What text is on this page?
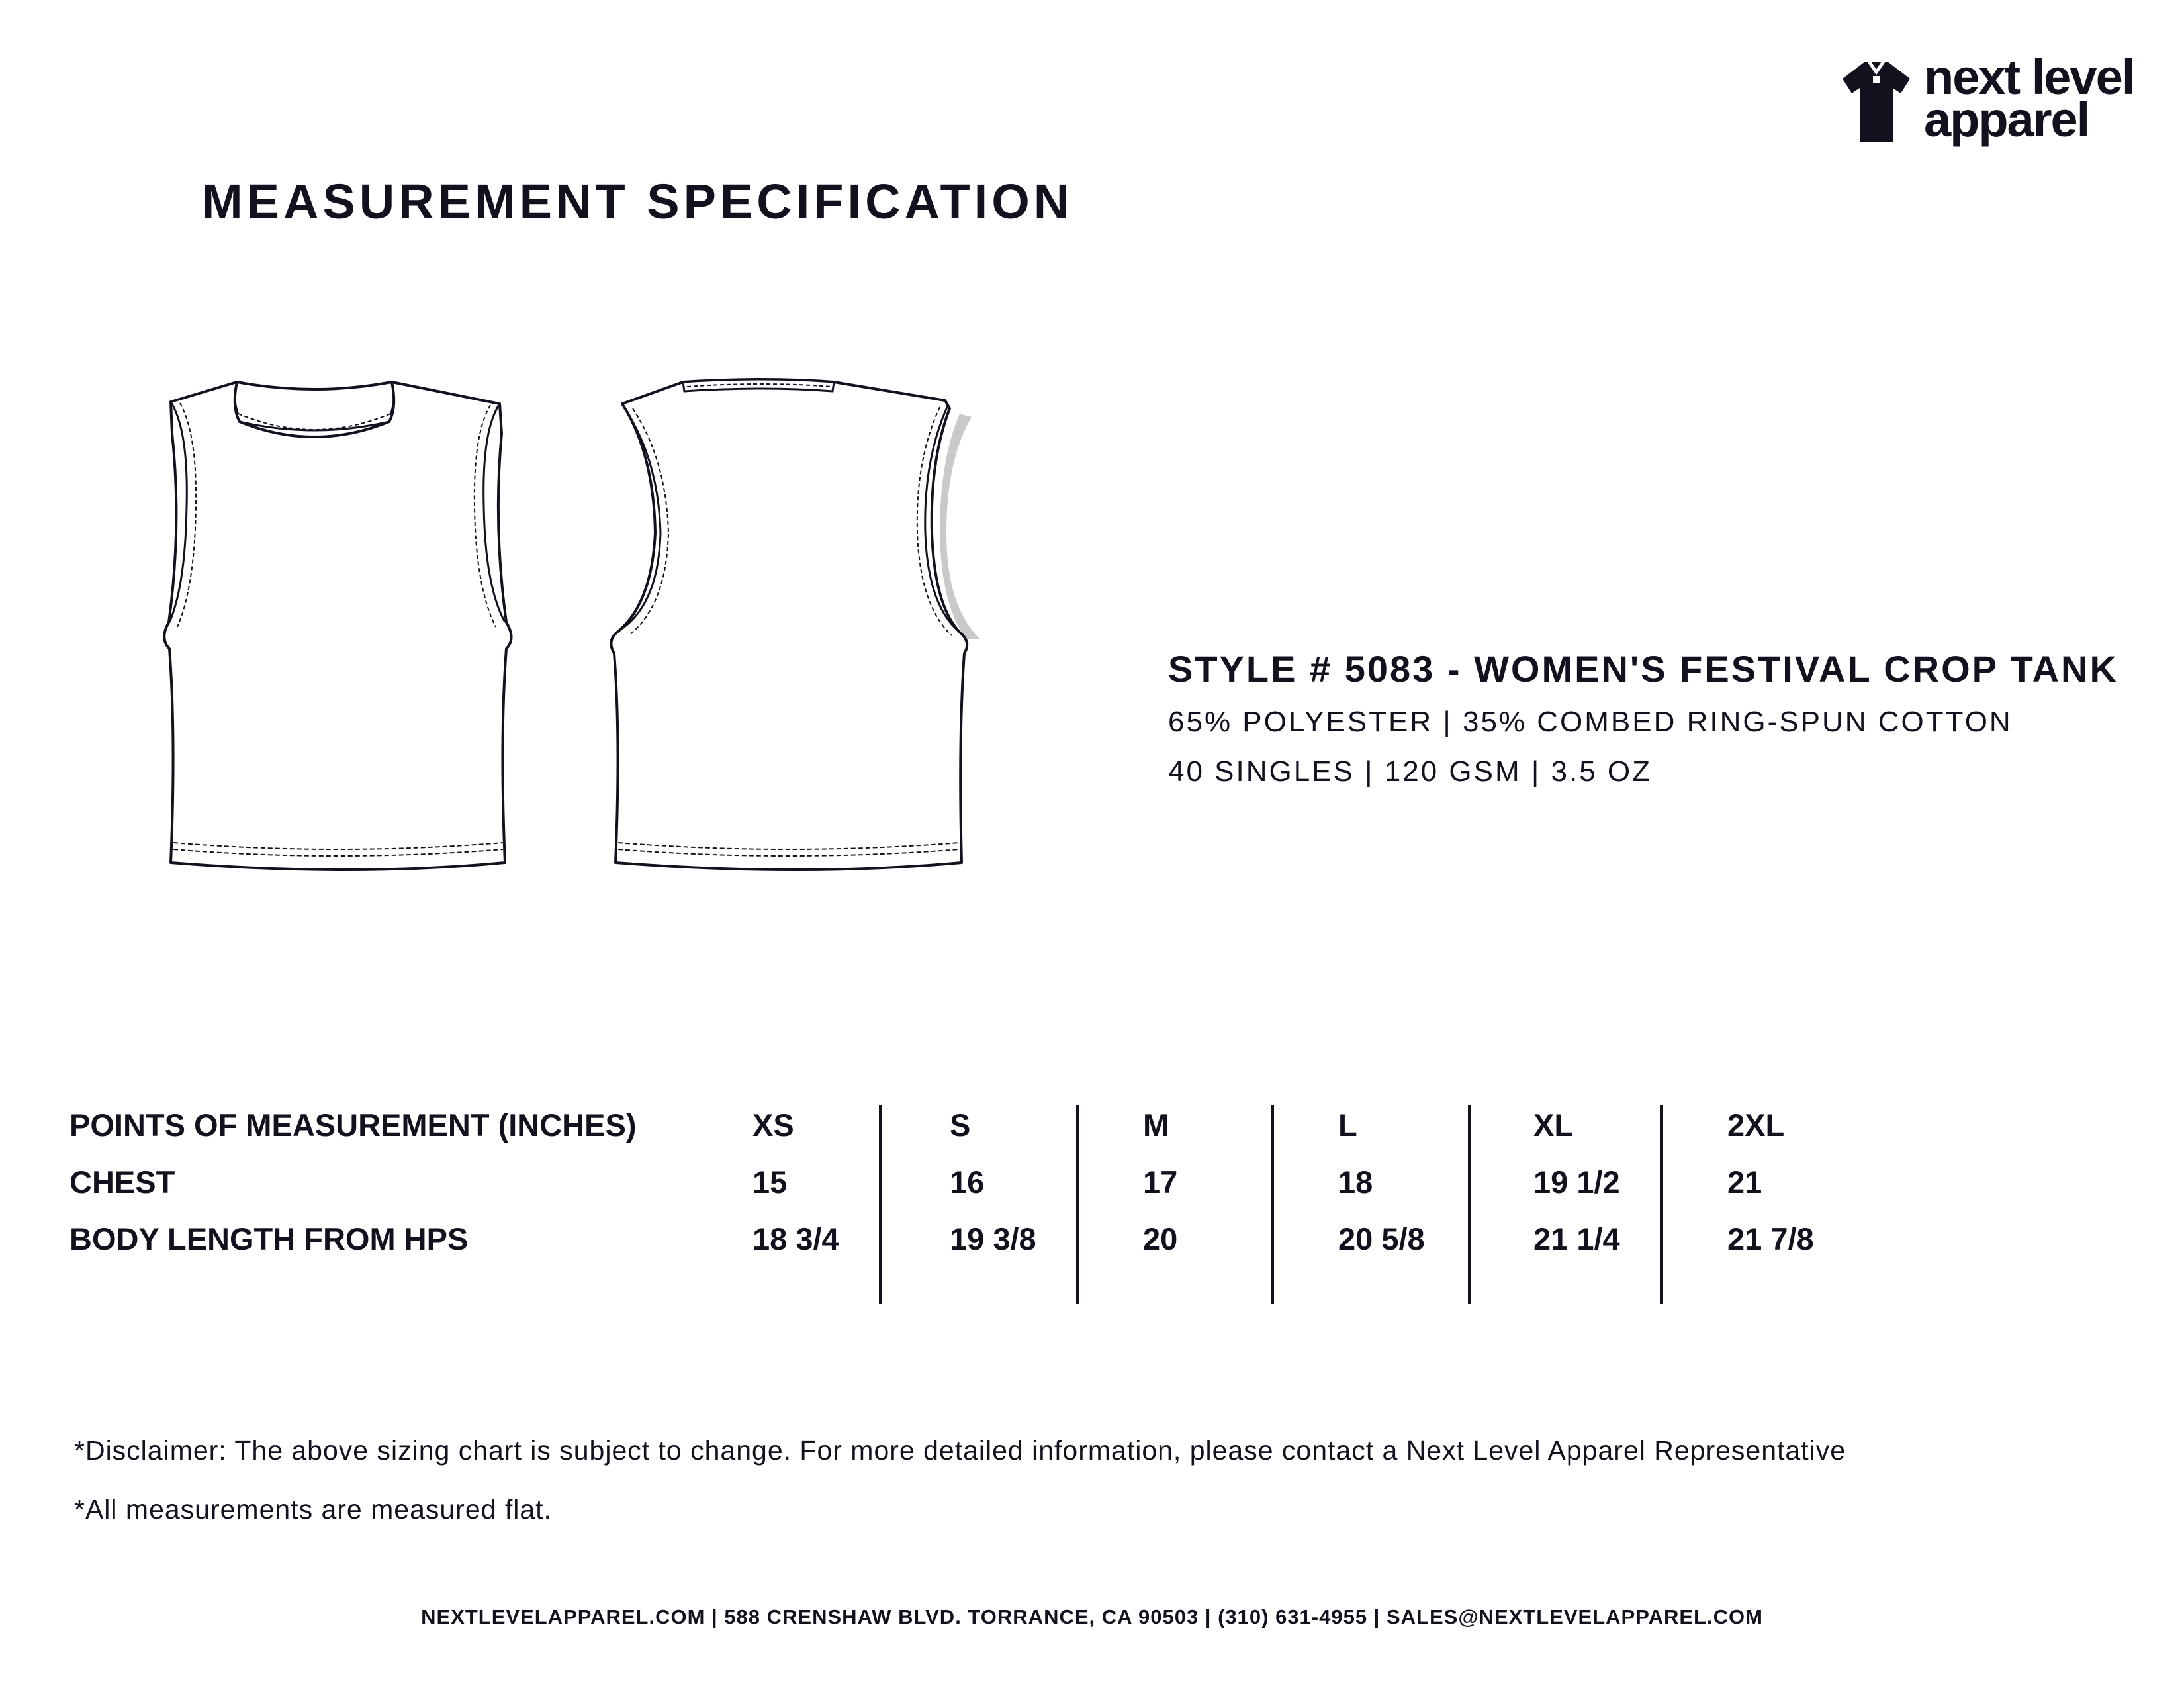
next level
apparel
MEASUREMENT SPECIFICATION
STYLE # 5083 - WOMEN'S FESTIVAL CROP TANK
65% POLYESTER | 35% COMBED RING-SPUN COTTON
40 SINGLES | 120 GSM | 3.5 OZ
POINTS OF MEASUREMENT (INCHES)	XS	S	M	L	XL	2XL
CHEST	15	16	17	18	19 1/2	21
BODY LENGTH FROM HPS	18 3/4	19 3/8	20	20 5/8	21 1/4	21 7/8
*Disclaimer: The above sizing chart is subject to change. For more detailed information, please contact a Next Level Apparel Representative
*All measurements are measured flat.
NEXTLEVELAPPAREL.COM | 588 CRENSHAW BLVD. TORRANCE, CA 90503 | (310) 631-4955 | SALES@NEXTLEVELAPPAREL.COM
